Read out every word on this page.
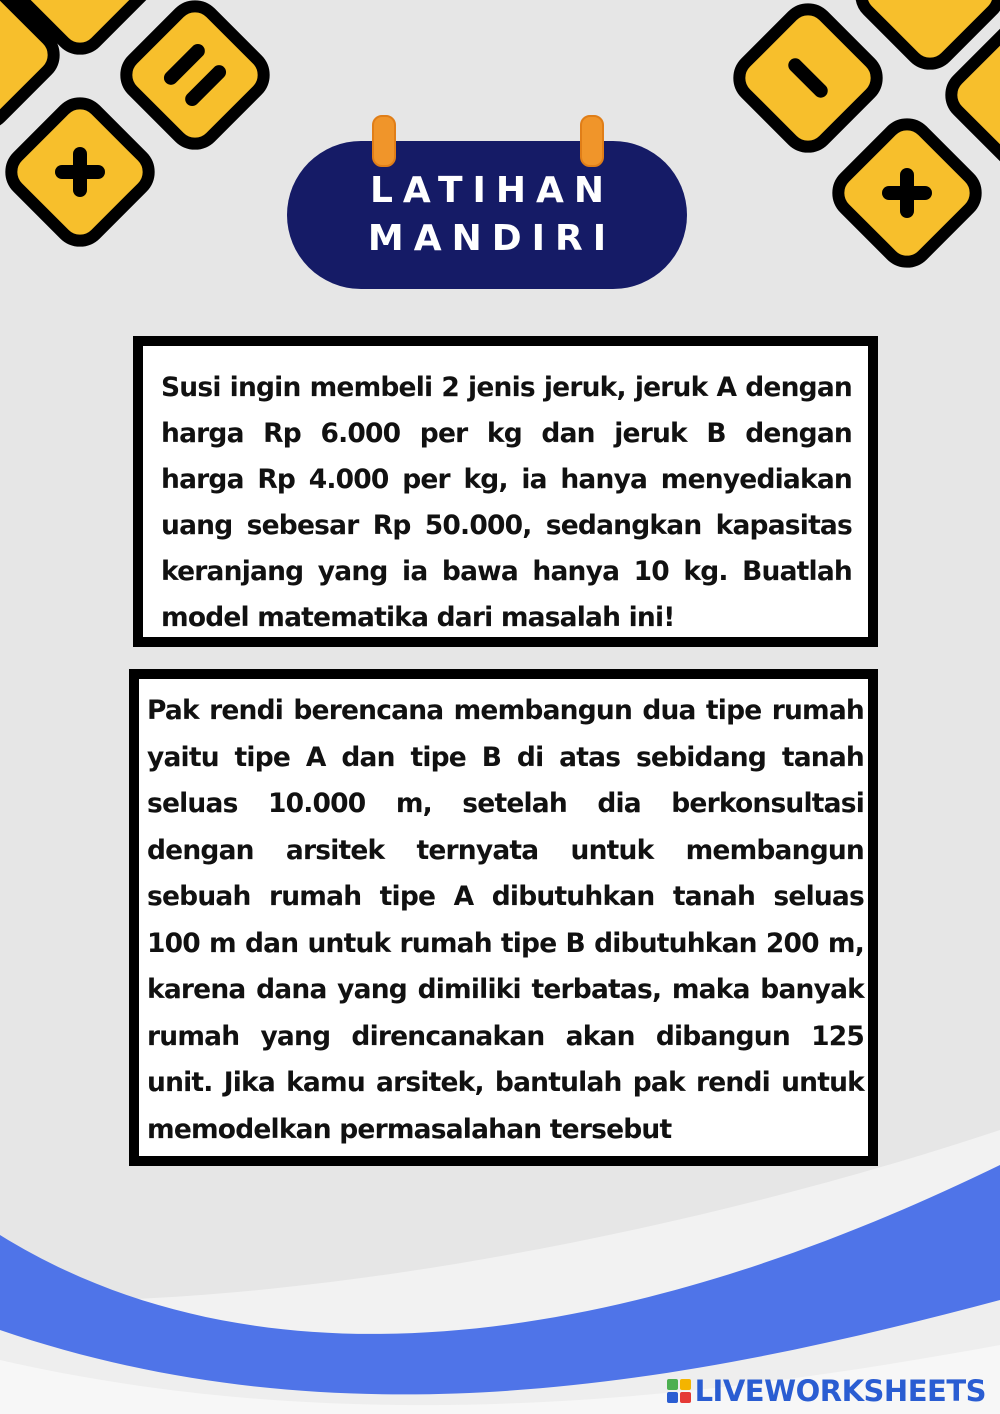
LATIHAN
MANDIRI
Susi ingin membeli 2 jenis jeruk, jeruk A dengan harga Rp 6.000 per kg dan jeruk B dengan harga Rp 4.000 per kg, ia hanya menyediakan uang sebesar Rp 50.000, sedangkan kapasitas keranjang yang ia bawa hanya 10 kg. Buatlah model matematika dari masalah ini!
Pak rendi berencana membangun dua tipe rumah yaitu tipe A dan tipe B di atas sebidang tanah seluas 10.000 m, setelah dia berkonsultasi dengan arsitek ternyata untuk membangun sebuah rumah tipe A dibutuhkan tanah seluas 100 m dan untuk rumah tipe B dibutuhkan 200 m, karena dana yang dimiliki terbatas, maka banyak rumah yang direncanakan akan dibangun 125 unit. Jika kamu arsitek, bantulah pak rendi untuk memodelkan permasalahan tersebut
LIVEWORKSHEETS
